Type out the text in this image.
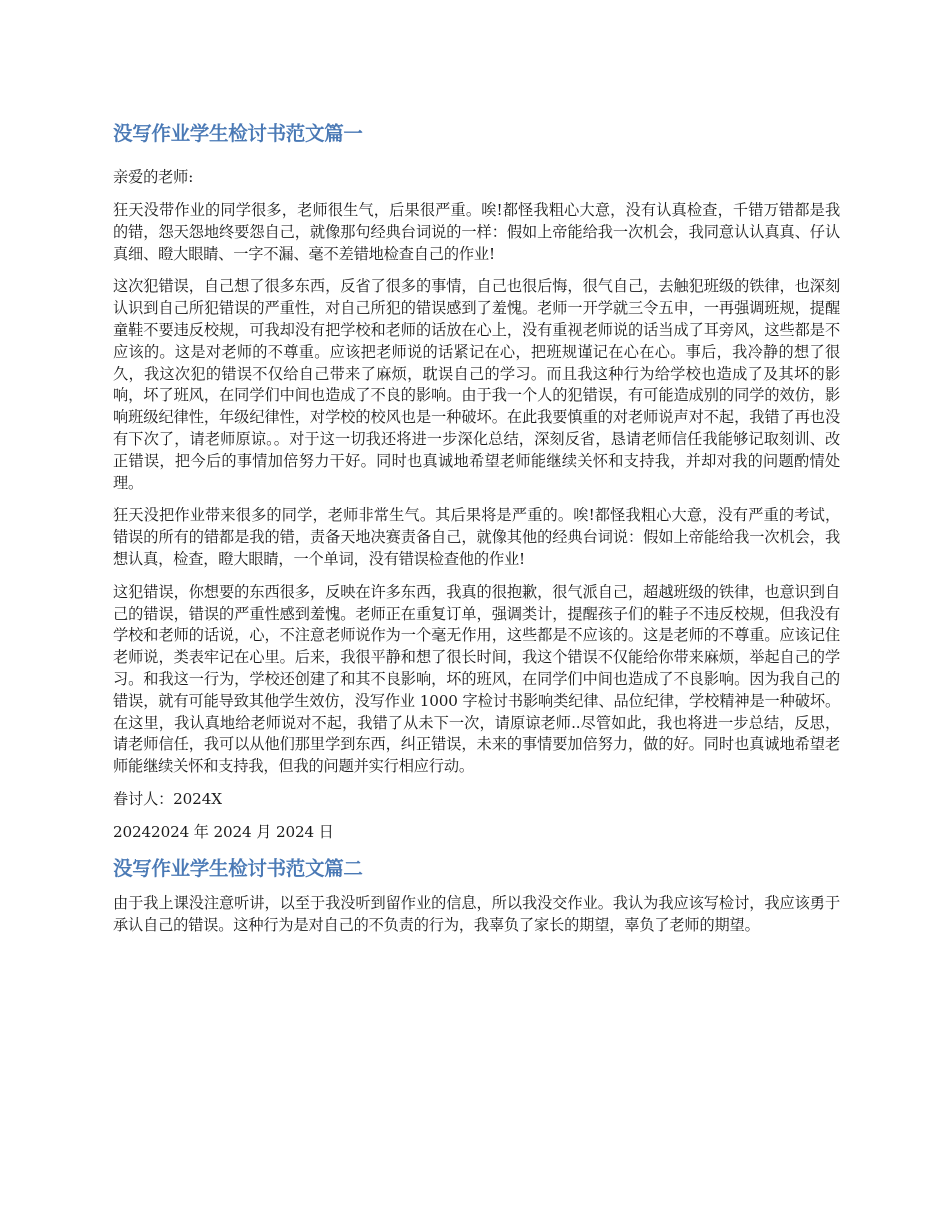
没写作业学生检讨书范文篇一

亲爱的老师:

狂天没带作业的同学很多，老师很生气，后果很严重。唉!都怪我粗心大意，没有认真检查，千错万错都是我的错，怨天怨地终要怨自己，就像那句经典台词说的一样：假如上帝能给我一次机会，我同意认认真真、仔认真细、瞪大眼睛、一字不漏、毫不差错地检查自己的作业!

这次犯错误，自己想了很多东西，反省了很多的事情，自己也很后悔，很气自己，去触犯班级的铁律，也深刻认识到自己所犯错误的严重性，对自己所犯的错误感到了羞愧。老师一开学就三令五申，一再强调班规，提醒童鞋不要违反校规，可我却没有把学校和老师的话放在心上，没有重视老师说的话当成了耳旁风，这些都是不应该的。这是对老师的不尊重。应该把老师说的话紧记在心，把班规谨记在心在心。事后，我冷静的想了很久，我这次犯的错误不仅给自己带来了麻烦，耽误自己的学习。而且我这种行为给学校也造成了及其坏的影响，坏了班风，在同学们中间也造成了不良的影响。由于我一个人的犯错误，有可能造成别的同学的效仿，影响班级纪律性，年级纪律性，对学校的校风也是一种破坏。在此我要慎重的对老师说声对不起，我错了再也没有下次了，请老师原谅。。对于这一切我还将进一步深化总结，深刻反省，恳请老师信任我能够记取刻训、改正错误，把今后的事情加倍努力干好。同时也真诚地希望老师能继续关怀和支持我，并却对我的问题酌情处理。

狂天没把作业带来很多的同学，老师非常生气。其后果将是严重的。唉!都怪我粗心大意，没有严重的考试，错误的所有的错都是我的错，责备天地决赛责备自己，就像其他的经典台词说：假如上帝能给我一次机会，我想认真，检查，瞪大眼睛，一个单词，没有错误检查他的作业!

这犯错误，你想要的东西很多，反映在许多东西，我真的很抱歉，很气派自己，超越班级的铁律，也意识到自己的错误，错误的严重性感到羞愧。老师正在重复订单，强调类计，提醒孩子们的鞋子不违反校规，但我没有学校和老师的话说，心，不注意老师说作为一个毫无作用，这些都是不应该的。这是老师的不尊重。应该记住老师说，类表牢记在心里。后来，我很平静和想了很长时间，我这个错误不仅能给你带来麻烦，举起自己的学习。和我这一行为，学校还创建了和其不良影响，坏的班风，在同学们中间也造成了不良影响。因为我自己的错误，就有可能导致其他学生效仿，没写作业 1000 字检讨书影响类纪律、品位纪律，学校精神是一种破坏。在这里，我认真地给老师说对不起，我错了从未下一次，请原谅老师..尽管如此，我也将进一步总结，反思，请老师信任，我可以从他们那里学到东西，纠正错误，未来的事情要加倍努力，做的好。同时也真诚地希望老师能继续关怀和支持我，但我的问题并实行相应行动。

眷讨人：2024X

20242024 年 2024 月 2024 日

没写作业学生检讨书范文篇二

由于我上课没注意听讲，以至于我没听到留作业的信息，所以我没交作业。我认为我应该写检讨，我应该勇于承认自己的错误。这种行为是对自己的不负责的行为，我辜负了家长的期望，辜负了老师的期望。
